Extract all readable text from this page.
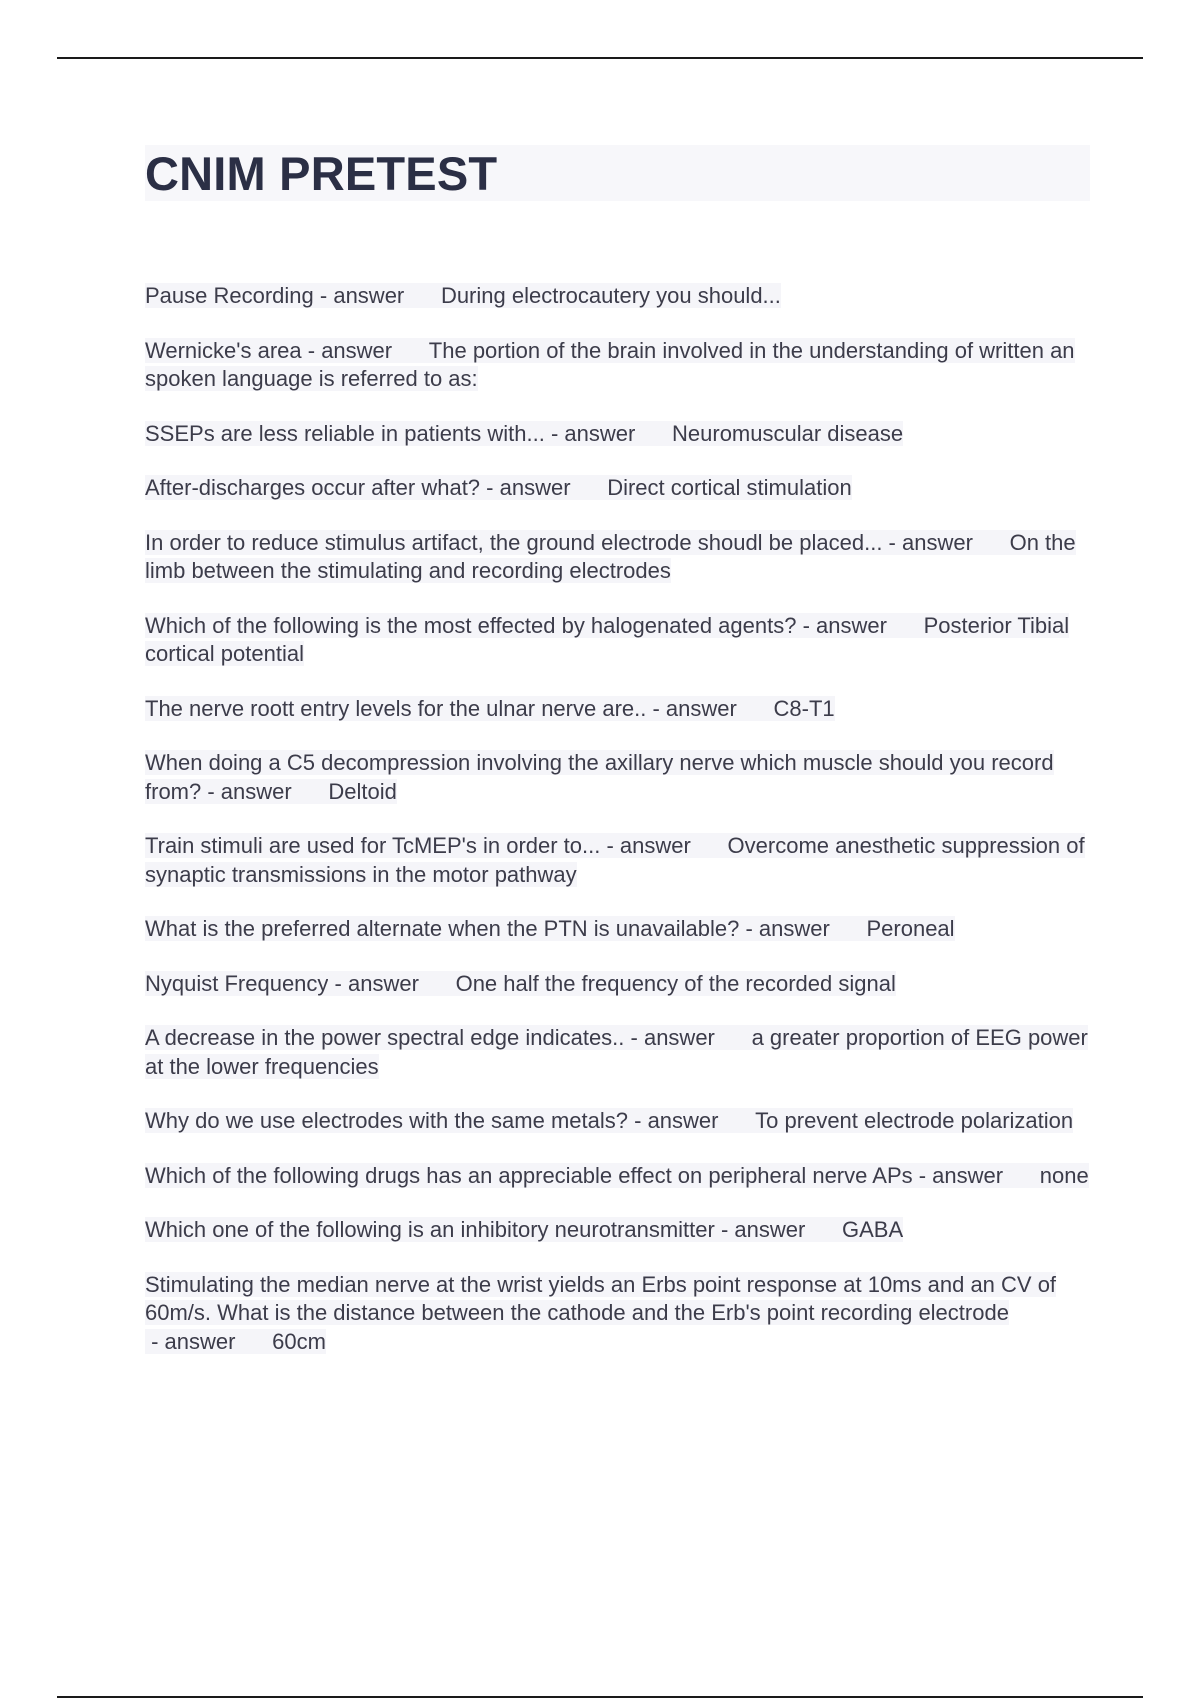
CNIM PRETEST
Pause Recording - answer      During electrocautery you should...
Wernicke's area - answer      The portion of the brain involved in the understanding of written an spoken language is referred to as:
SSEPs are less reliable in patients with... - answer      Neuromuscular disease
After-discharges occur after what? - answer      Direct cortical stimulation
In order to reduce stimulus artifact, the ground electrode shoudl be placed... - answer      On the limb between the stimulating and recording electrodes
Which of the following is the most effected by halogenated agents? - answer      Posterior Tibial cortical potential
The nerve roott entry levels for the ulnar nerve are.. - answer      C8-T1
When doing a C5 decompression involving the axillary nerve which muscle should you record from? - answer      Deltoid
Train stimuli are used for TcMEP's in order to... - answer      Overcome anesthetic suppression of synaptic transmissions in the motor pathway
What is the preferred alternate when the PTN is unavailable? - answer      Peroneal
Nyquist Frequency - answer      One half the frequency of the recorded signal
A decrease in the power spectral edge indicates.. - answer      a greater proportion of EEG power at the lower frequencies
Why do we use electrodes with the same metals? - answer      To prevent electrode polarization
Which of the following drugs has an appreciable effect on peripheral nerve APs - answer      none
Which one of the following is an inhibitory neurotransmitter - answer      GABA
Stimulating the median nerve at the wrist yields an Erbs point response at 10ms and an CV of 60m/s. What is the distance between the cathode and the Erb's point recording electrode - answer      60cm
